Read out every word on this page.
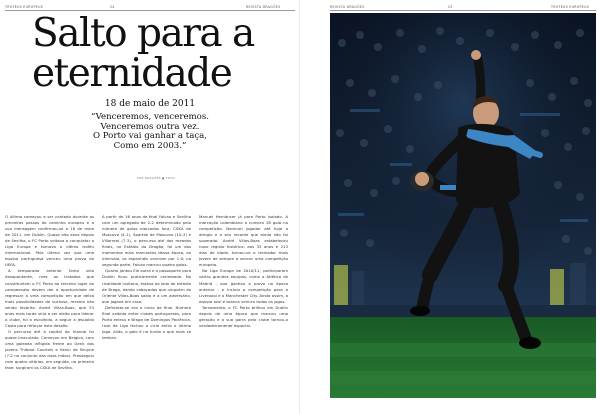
TROFÉUS EUROPEUS	24	REVISTA DRAGÕES
Salto para a eternidade
18 de maio de 2011
“Venceremos, venceremos.
Venceremos outra vez.
O Porto vai ganhar a taça,
Como em 2003.”
POR DRAGÕES ● FOTO

O último começou a ser contado durante os primeiros passos do caminho europeu e a sua mensagem confirmou-se a 18 de maio de 2011, em Dublin. Quase oito anos depois de Sevilha, o FC Porto voltava a conquistar a Liga Europa e tornava o último troféu internacional. Pela última vez que uma equipa portuguesa venceu uma prova da UEFA.

A temporada anterior tinha sido desapontante, mas os tratados que constituiriam o FC Porto ao terceiro lugar do campeonato devem dar a oportunidade de regressar a uma competição em que deixa mais possibilidades de sucesso, mesmo não sendo favorito. André Villas-Boas, que 33 anos mais tarde viria a ser eleito para liderar o clube, foi o escolhido, a seguir a Jesualdo Costa para reforçar este desafio.

O percurso até à capital da Irlanda foi quase imaculado. Começou em Belgica, com uma goleada infligida frente ao Genk dos jovens Thibaut Courtois e Kevin de Bruyne (7-2 no conjunto das duas mãos). Prosseguiu com quatro vitórias, em seguida, na primeira fase: surgiram os CSKA de Sevilha.

A partir de 16 anos de final Falcao e Sevilha com um agregado de 2-2 determinado pelo número de golos marcados fora, CSKA de Moscovo (4-1), Spartak de Moscovo (10-3) e Villarreal (7-3), o percurso até dos meados finais, no Estádio do Dragão, foi um dos momentos mais marcantes dessa época, ao intervalo, os espanhóis venciam por 1-0; na segunda parte, Falcao marcou quatro golos.

Quarto jantou Ele outra e o passaporte para Dublin ficou praticamente carimbado. Na rivalidade lusitana, estava ao lado do estádio de Braga, dando cabeçadas que ninguém do Oriente Villas-Boas sabia e a um adversário, que jogava em casa.

Defrontar-se era o início da final. Número final exibida entre clubes portugueses, para Porto entrou e Braga de Domingos Paciência, rival da Liga fechou o ciclo entre o último jogo. Aliás, o golo é no fundo o que mais se lembra.

Manuel Hernâncer já para Porto isolado. A marcação colombiano a cumpra 18 golo na competição. Nenhum jogador até hoje o atingiu e o seu recorde que ainda não foi superado. André Villas-Boas estabeleceu novo registo histórico: aos 33 anos e 213 dias de idade, tornou-se o treinador mais jovem de sempre a vencer uma competição europeia.

Na Liga Europa de 2010/11, participaram várias grandes equipas, como o Atlético de Madrid - que ganhou a prova na época anterior - e incluía a competição para o Liverpool e o Manchester City. Ainda assim, a equipa azul e branca venceu todos os jogos.

Tornamento, o FC Porto brilhou em Dublin depois de uma época que marcou uma geração e a sua garra pelo clube tornou-o verdadeiramente especial.

REVISTA DRAGÕES	25	TROFÉUS EUROPEUS
